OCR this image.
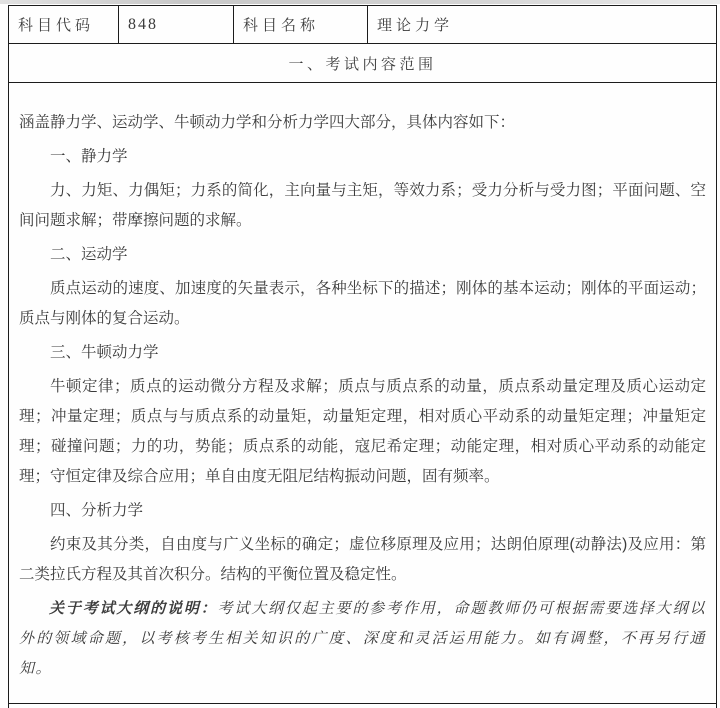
科目代码	848	科目名称	理论力学
一、考试内容范围

涵盖静力学、运动学、牛顿动力学和分析力学四大部分，具体内容如下：

一、静力学

力、力矩、力偶矩；力系的简化，主向量与主矩，等效力系；受力分析与受力图；平面问题、空间问题求解；带摩擦问题的求解。

二、运动学

质点运动的速度、加速度的矢量表示，各种坐标下的描述；刚体的基本运动；刚体的平面运动；质点与刚体的复合运动。

三、牛顿动力学

牛顿定律；质点的运动微分方程及求解；质点与质点系的动量，质点系动量定理及质心运动定理；冲量定理；质点与与质点系的动量矩，动量矩定理，相对质心平动系的动量矩定理；冲量矩定理；碰撞问题；力的功，势能；质点系的动能，寇尼希定理；动能定理，相对质心平动系的动能定理；守恒定律及综合应用；单自由度无阻尼结构振动问题，固有频率。

四、分析力学

约束及其分类，自由度与广义坐标的确定；虚位移原理及应用；达朗伯原理(动静法)及应用：第二类拉氏方程及其首次积分。结构的平衡位置及稳定性。

关于考试大纲的说明：考试大纲仅起主要的参考作用，命题教师仍可根据需要选择大纲以外的领域命题，以考核考生相关知识的广度、深度和灵活运用能力。如有调整，不再另行通知。
